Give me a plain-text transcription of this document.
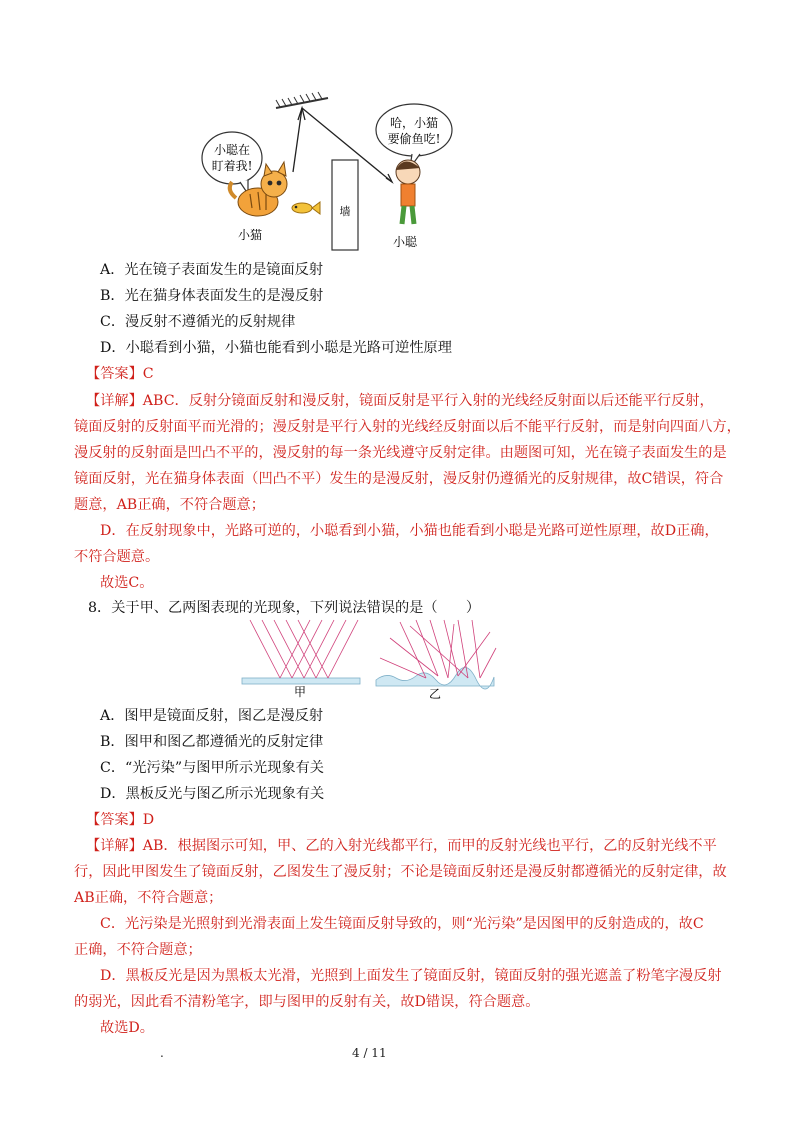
小聪在
盯着我!
哈，小猫
要偷鱼吃!
小猫
墙
小聪
A．光在镜子表面发生的是镜面反射
B．光在猫身体表面发生的是漫反射
C．漫反射不遵循光的反射规律
D．小聪看到小猫，小猫也能看到小聪是光路可逆性原理
【答案】C
【详解】ABC．反射分镜面反射和漫反射，镜面反射是平行入射的光线经反射面以后还能平行反射，
镜面反射的反射面平而光滑的；漫反射是平行入射的光线经反射面以后不能平行反射，而是射向四面八方，
漫反射的反射面是凹凸不平的，漫反射的每一条光线遵守反射定律。由题图可知，光在镜子表面发生的是
镜面反射，光在猫身体表面（凹凸不平）发生的是漫反射，漫反射仍遵循光的反射规律，故C错误，符合
题意，AB正确，不符合题意；
D．在反射现象中，光路可逆的，小聪看到小猫，小猫也能看到小聪是光路可逆性原理，故D正确，
不符合题意。
故选C。
8．关于甲、乙两图表现的光现象，下列说法错误的是（　　）
甲	乙
A．图甲是镜面反射，图乙是漫反射
B．图甲和图乙都遵循光的反射定律
C．“光污染”与图甲所示光现象有关
D．黑板反光与图乙所示光现象有关
【答案】D
【详解】AB．根据图示可知，甲、乙的入射光线都平行，而甲的反射光线也平行，乙的反射光线不平
行，因此甲图发生了镜面反射，乙图发生了漫反射；不论是镜面反射还是漫反射都遵循光的反射定律，故
AB正确，不符合题意；
C．光污染是光照射到光滑表面上发生镜面反射导致的，则“光污染”是因图甲的反射造成的，故C
正确，不符合题意；
D．黑板反光是因为黑板太光滑，光照到上面发生了镜面反射，镜面反射的强光遮盖了粉笔字漫反射
的弱光，因此看不清粉笔字，即与图甲的反射有关，故D错误，符合题意。
故选D。
.	4 / 11
